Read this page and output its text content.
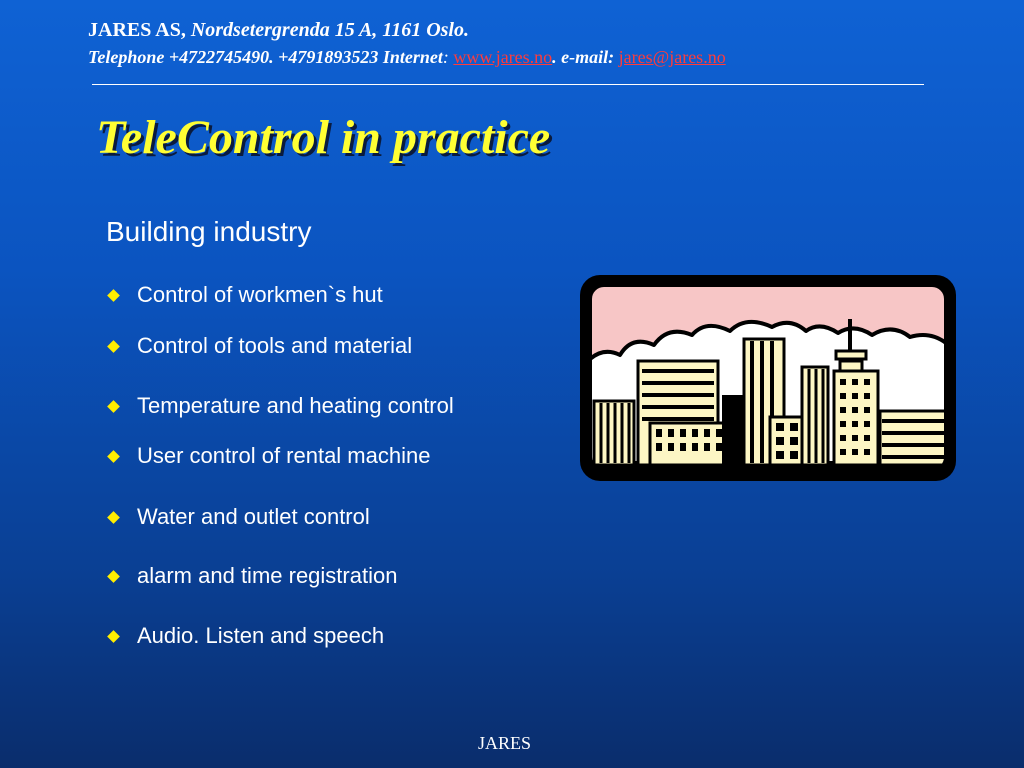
JARES AS, Nordsetergrenda 15 A, 1161 Oslo.
Telephone +4722745490. +4791893523 Internet: www.jares.no. e-mail: jares@jares.no
TeleControl in practice
Building industry
Control of workmen`s hut
Control of tools and material
Temperature and heating control
User control of rental machine
Water and outlet control
alarm and time registration
Audio. Listen and speech
JARES
